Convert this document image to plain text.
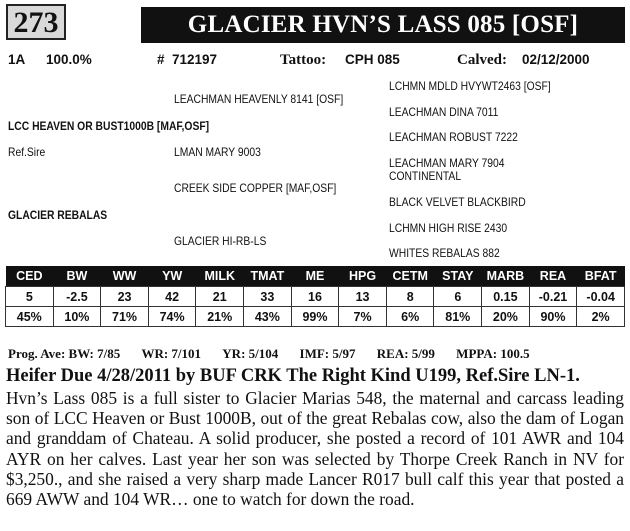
273	GLACIER HVN’S LASS 085 [OSF]
1A 100.0%	# 712197	Tattoo: CPH 085	Calved: 02/12/2000
LEACHMAN HEAVENLY 8141 [OSF]
LCC HEAVEN OR BUST1000B [MAF,OSF]
Ref.Sire	LMAN MARY 9003
CREEK SIDE COPPER [MAF,OSF]
GLACIER REBALAS
GLACIER HI-RB-LS
LCHMN MDLD HVYWT2463 [OSF]
LEACHMAN DINA 7011
LEACHMAN ROBUST 7222
LEACHMAN MARY 7904
CONTINENTAL
BLACK VELVET BLACKBIRD
LCHMN HIGH RISE 2430
WHITES REBALAS 882
CED	BW	WW	YW	MILK	TMAT	ME	HPG	CETM	STAY	MARB	REA	BFAT
5	-2.5	23	42	21	33	16	13	8	6	0.15	-0.21	-0.04
45%	10%	71%	74%	21%	43%	99%	7%	6%	81%	20%	90%	2%
Prog. Ave: BW: 7/85 WR: 7/101 YR: 5/104 IMF: 5/97 REA: 5/99 MPPA: 100.5
Heifer Due 4/28/2011 by BUF CRK The Right Kind U199, Ref.Sire LN-1.
Hvn’s Lass 085 is a full sister to Glacier Marias 548, the maternal and carcass leading son of LCC Heaven or Bust 1000B, out of the great Rebalas cow, also the dam of Logan and granddam of Chateau. A solid producer, she posted a record of 101 AWR and 104 AYR on her calves. Last year her son was selected by Thorpe Creek Ranch in NV for $3,250., and she raised a very sharp made Lancer R017 bull calf this year that posted a 669 AWW and 104 WR… one to watch for down the road.
